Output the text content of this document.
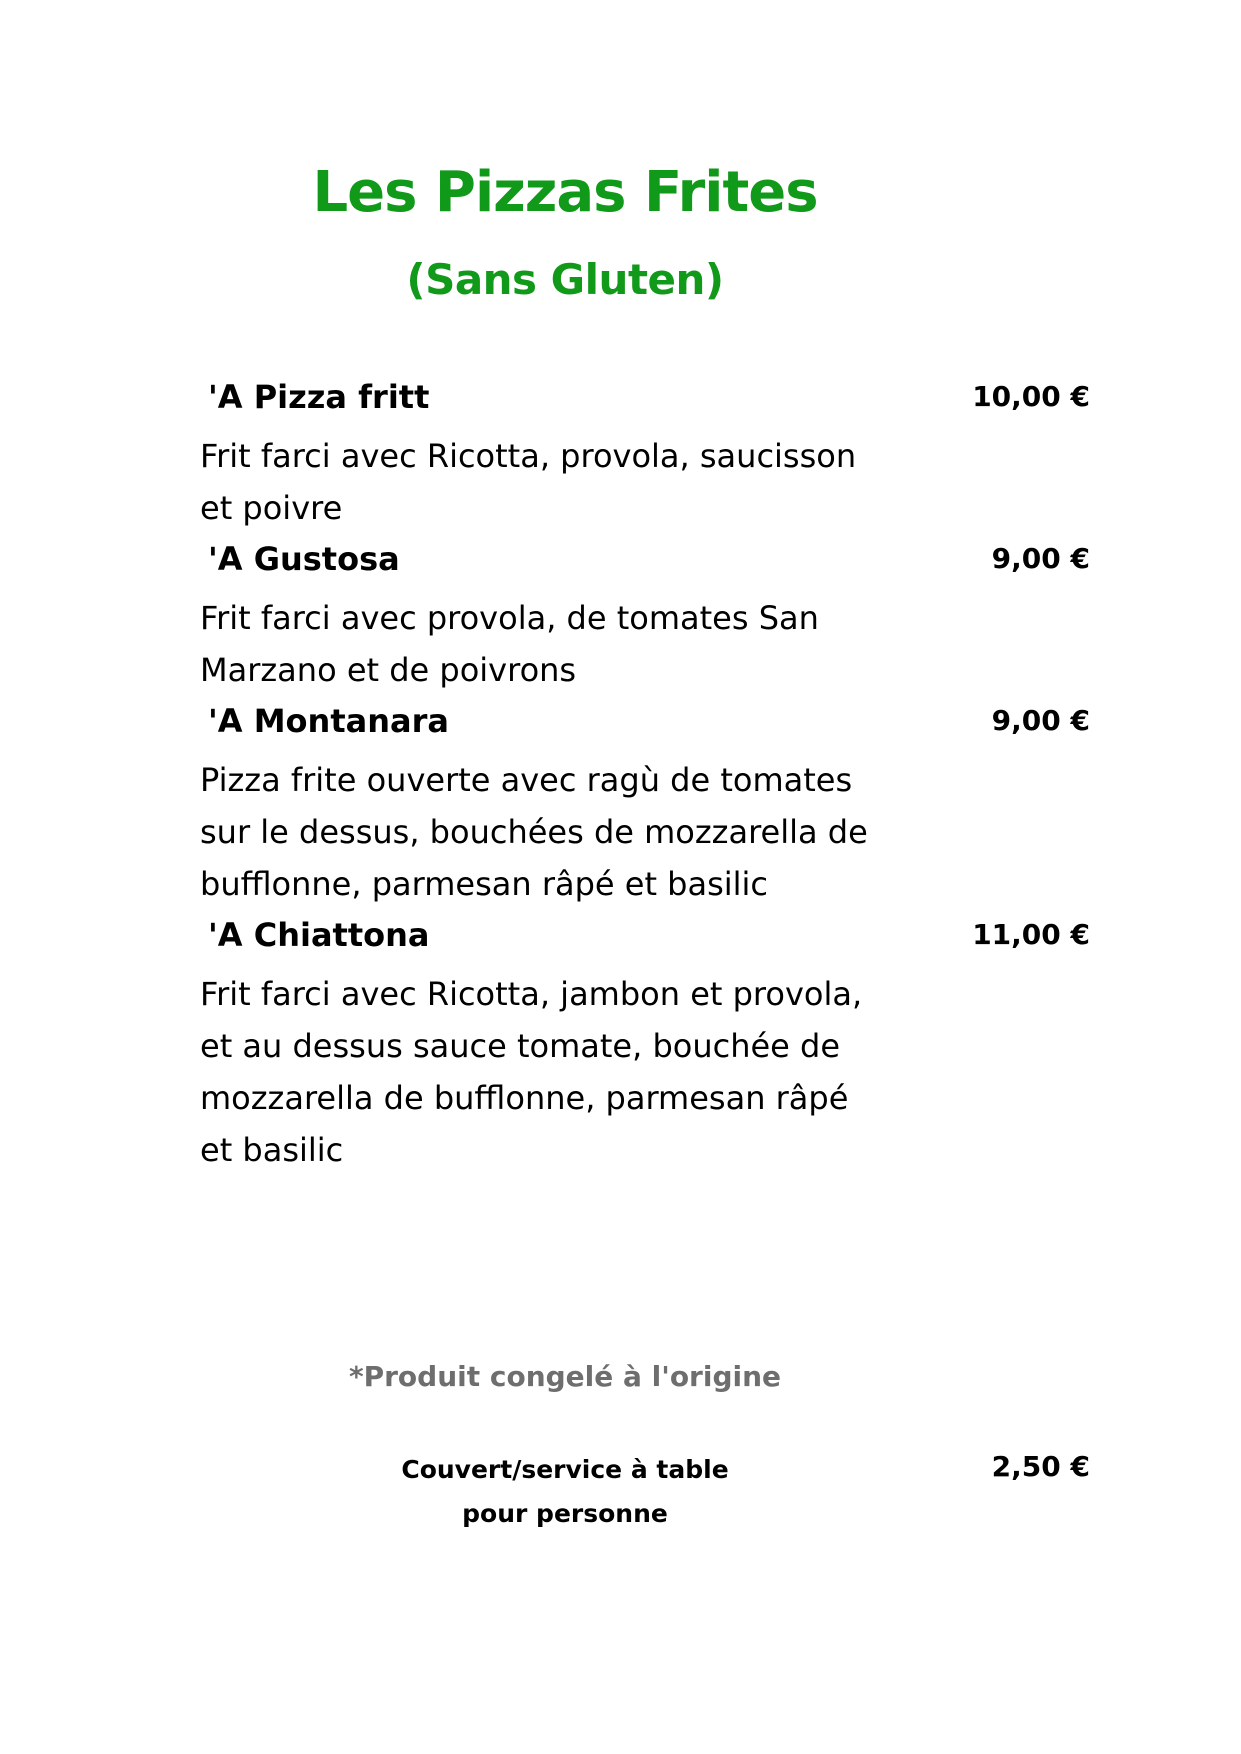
Les Pizzas Frites
(Sans Gluten)
'A Pizza fritt	10,00 €
Frit farci avec Ricotta, provola, saucisson
et poivre
'A Gustosa	9,00 €
Frit farci avec provola, de tomates San
Marzano et de poivrons
'A Montanara	9,00 €
Pizza frite ouverte avec ragù de tomates
sur le dessus, bouchées de mozzarella de
bufflonne, parmesan râpé et basilic
'A Chiattona	11,00 €
Frit farci avec Ricotta, jambon et provola,
et au dessus sauce tomate, bouchée de
mozzarella de bufflonne, parmesan râpé
et basilic
*Produit congelé à l'origine
Couvert/service à table
pour personne
2,50 €
